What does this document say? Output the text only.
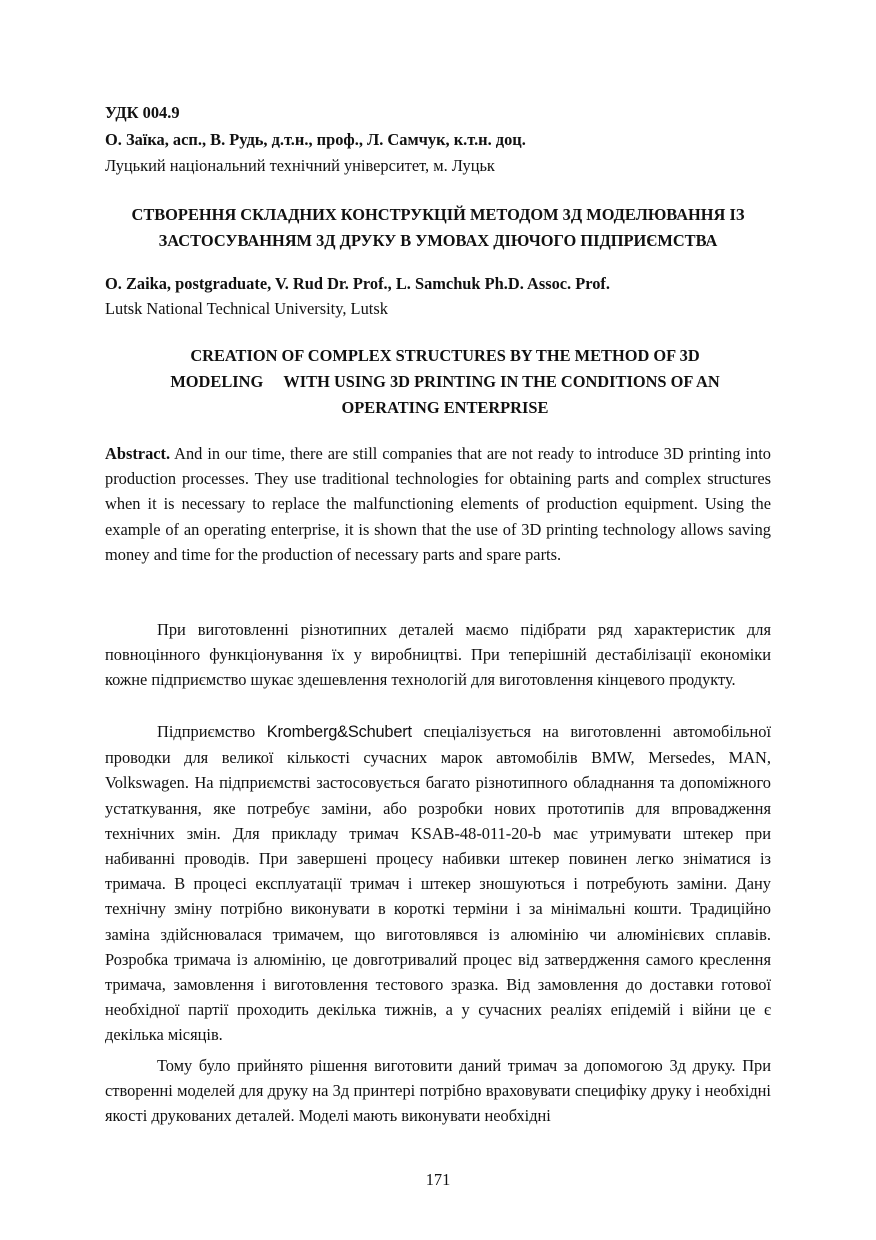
УДК 004.9
О. Заїка, асп., В. Рудь, д.т.н., проф., Л. Самчук, к.т.н. доц.
Луцький національний технічний університет, м. Луцьк
СТВОРЕННЯ СКЛАДНИХ КОНСТРУКЦІЙ МЕТОДОМ 3Д МОДЕЛЮВАННЯ ІЗ
ЗАСТОСУВАННЯМ 3Д ДРУКУ В УМОВАХ ДІЮЧОГО ПІДПРИЄМСТВА
O. Zaika, postgraduate, V. Rud Dr. Prof., L. Samchuk Ph.D. Assoc. Prof.
Lutsk National Technical University, Lutsk
CREATION OF COMPLEX STRUCTURES BY THE METHOD OF 3D
MODELING     WITH USING 3D PRINTING IN THE CONDITIONS OF AN
OPERATING ENTERPRISE
Abstract. And in our time, there are still companies that are not ready to introduce 3D printing into production processes. They use traditional technologies for obtaining parts and complex structures when it is necessary to replace the malfunctioning elements of production equipment. Using the example of an operating enterprise, it is shown that the use of 3D printing technology allows saving money and time for the production of necessary parts and spare parts.
При виготовленні різнотипних деталей маємо підібрати ряд характеристик для повноцінного функціонування їх у виробництві. При теперішній дестабілізації економіки кожне підприємство шукає здешевлення технологій для виготовлення кінцевого продукту.
Підприємство Kromberg&Schubert спеціалізується на виготовленні автомобільної проводки для великої кількості сучасних марок автомобілів BMW, Mersedes, MAN, Volkswagen. На підприємстві застосовується багато різнотипного обладнання та допоміжного устаткування, яке потребує заміни, або розробки нових прототипів для впровадження технічних змін. Для прикладу тримач KSAB-48-011-20-b має утримувати штекер при набиванні проводів. При завершені процесу набивки штекер повинен легко зніматися із тримача. В процесі експлуатації тримач і штекер зношуються і потребують заміни. Дану технічну зміну потрібно виконувати в короткі терміни і за мінімальні кошти. Традиційно заміна здійснювалася тримачем, що виготовлявся із алюмінію чи алюмінієвих сплавів. Розробка тримача із алюмінію, це довготривалий процес від затвердження самого креслення тримача, замовлення і виготовлення тестового зразка. Від замовлення до доставки готової необхідної партії проходить декілька тижнів, а у сучасних реаліях епідемій і війни це є декілька місяців.
Тому було прийнято рішення виготовити даний тримач за допомогою 3д друку. При створенні моделей для друку на 3д принтері потрібно враховувати специфіку друку і необхідні якості друкованих деталей. Моделі мають виконувати необхідні
171
